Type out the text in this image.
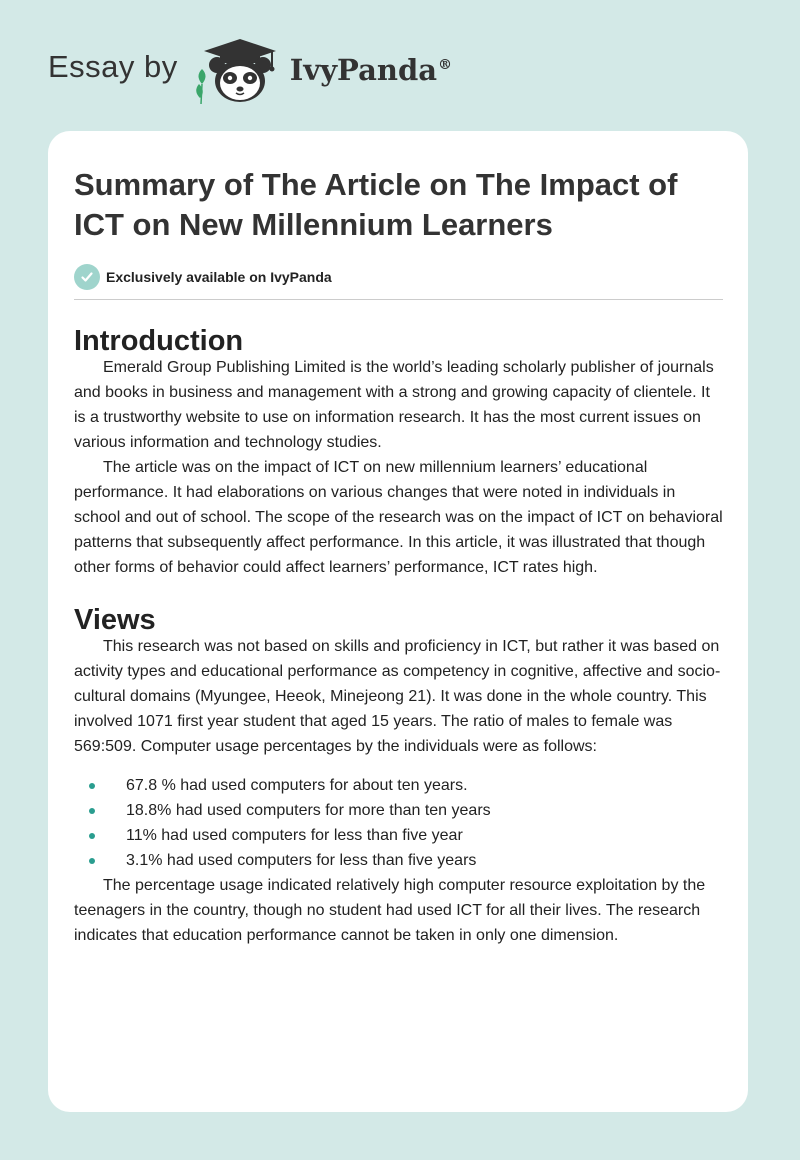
Essay by	IvyPanda®
Summary of The Article on The Impact of ICT on New Millennium Learners
Exclusively available on IvyPanda
Introduction

Emerald Group Publishing Limited is the world’s leading scholarly publisher of journals and books in business and management with a strong and growing capacity of clientele. It is a trustworthy website to use on information research. It has the most current issues on various information and technology studies.

The article was on the impact of ICT on new millennium learners’ educational performance. It had elaborations on various changes that were noted in individuals in school and out of school. The scope of the research was on the impact of ICT on behavioral patterns that subsequently affect performance. In this article, it was illustrated that though other forms of behavior could affect learners’ performance, ICT rates high.

Views

This research was not based on skills and proficiency in ICT, but rather it was based on activity types and educational performance as competency in cognitive, affective and socio-cultural domains (Myungee, Heeok, Minejeong 21). It was done in the whole country. This involved 1071 first year student that aged 15 years. The ratio of males to female was 569:509. Computer usage percentages by the individuals were as follows:

67.8 % had used computers for about ten years.
18.8% had used computers for more than ten years
11% had used computers for less than five year
3.1% had used computers for less than five years

The percentage usage indicated relatively high computer resource exploitation by the teenagers in the country, though no student had used ICT for all their lives. The research indicates that education performance cannot be taken in only one dimension.
